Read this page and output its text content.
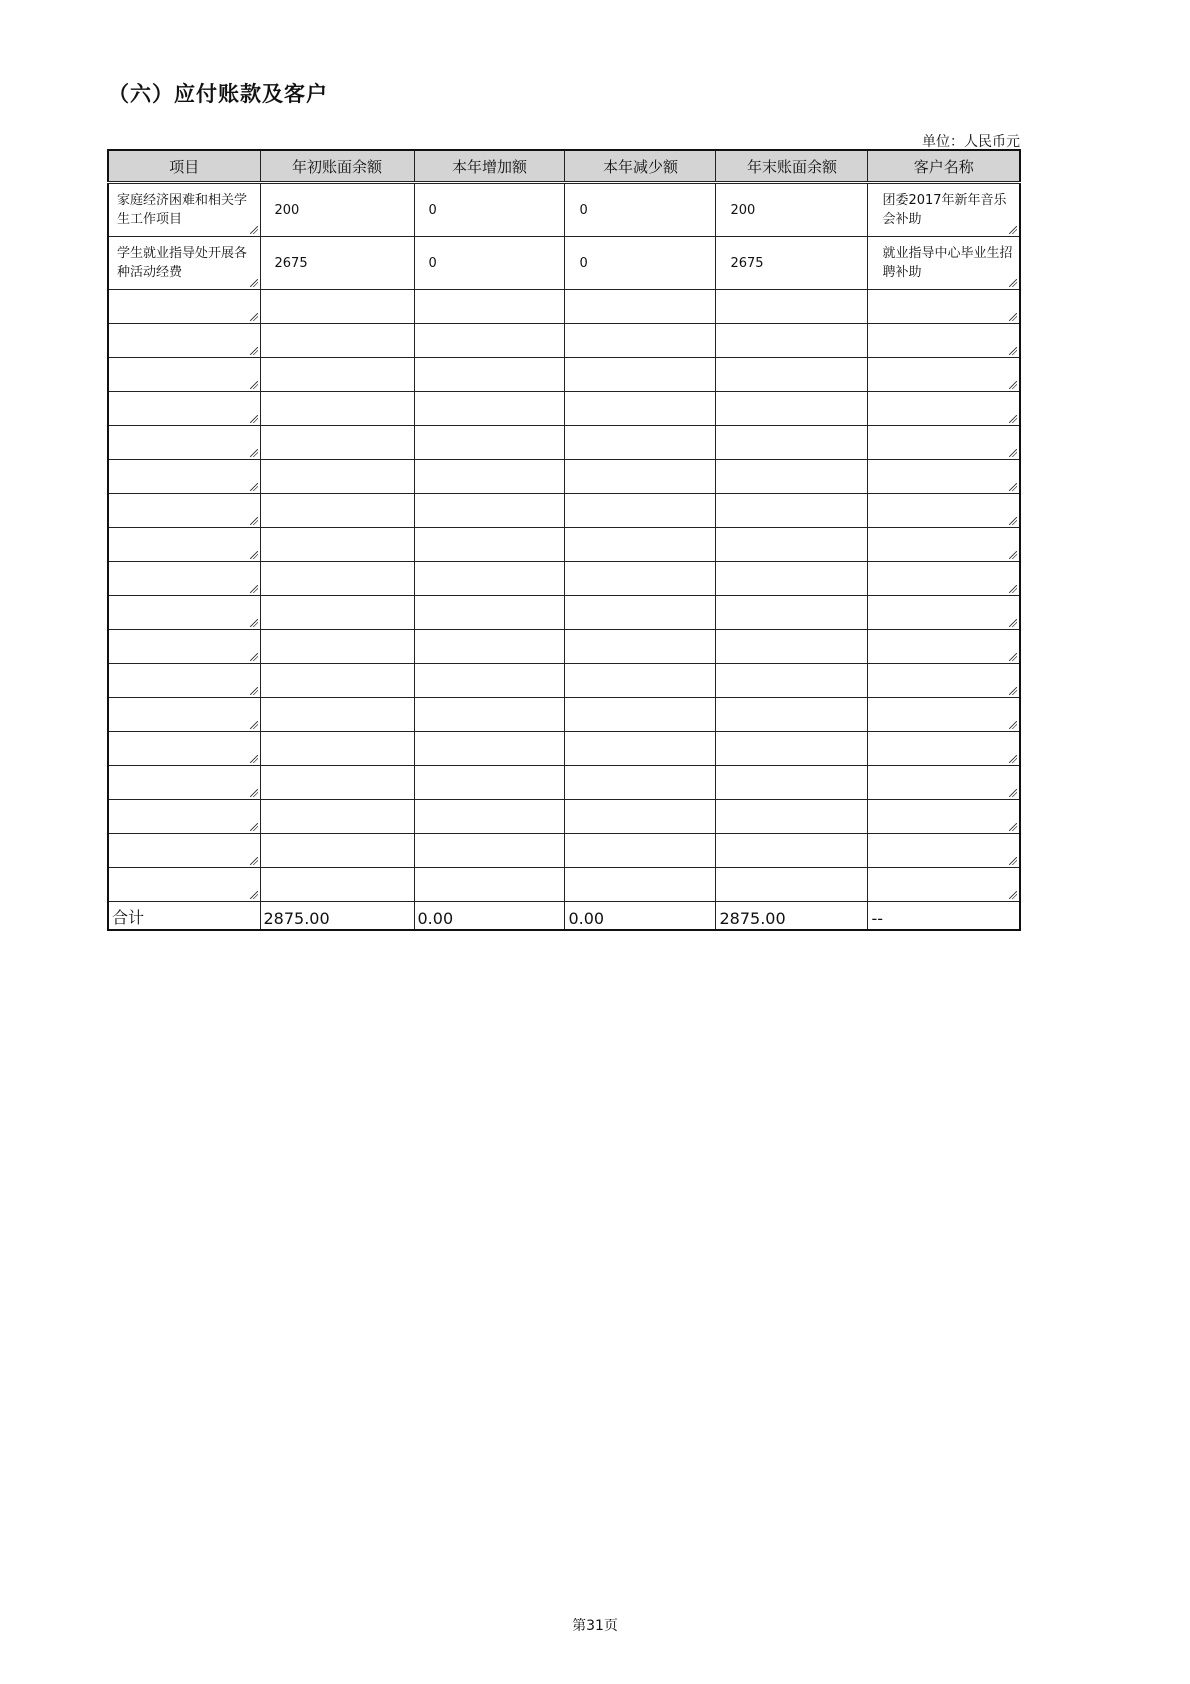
（六）应付账款及客户
单位：人民币元
项目	年初账面余额	本年增加额	本年减少额	年末账面余额	客户名称

家庭经济困难和相关学生工作项目	200	0	0	200	团委2017年新年音乐会补助

学生就业指导处开展各种活动经费	2675	0	0	2675	就业指导中心毕业生招聘补助

合计	2875.00	0.00	0.00	2875.00	--
第31页
